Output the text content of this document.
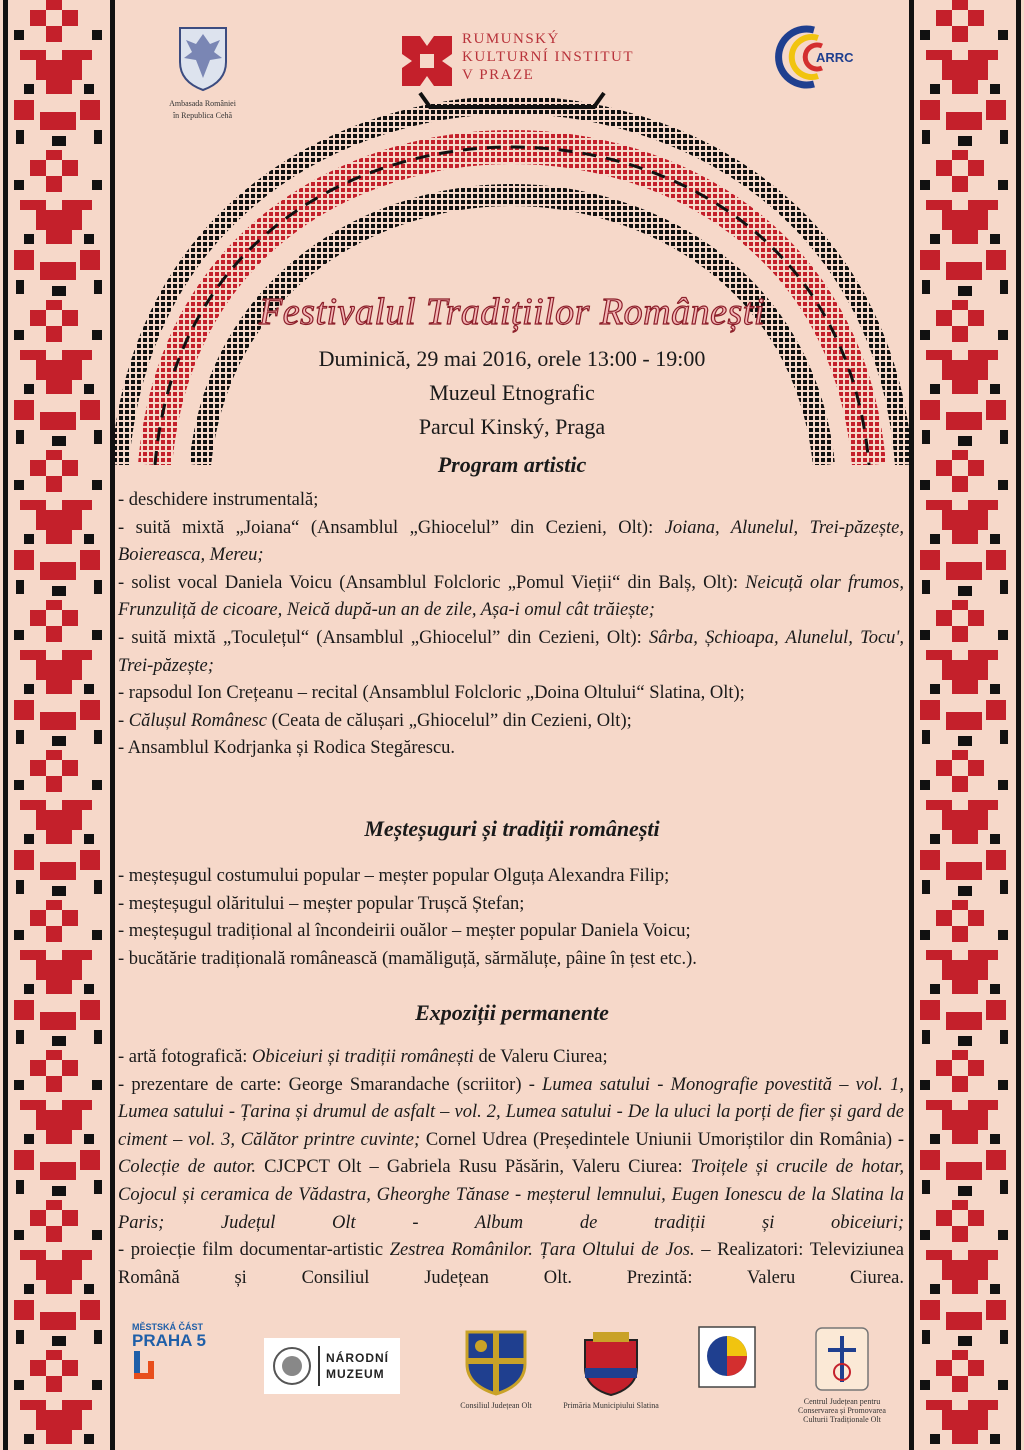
Ambasada României
în Republica Cehă
RUMUNSKÝ
KULTURNÍ INSTITUT
V PRAZE
ARRC
Festivalul Tradițiilor Românești
Duminică, 29 mai 2016, orele 13:00 - 19:00
Muzeul Etnografic
Parcul Kinský, Praga
Program artistic

- deschidere instrumentală;

- suită mixtă „Joiana“ (Ansamblul „Ghiocelul” din Cezieni, Olt): Joiana, Alunelul, Trei-păzește, Boiereasca, Mereu;

- solist vocal Daniela Voicu (Ansamblul Folcloric „Pomul Vieții“ din Balș, Olt): Neicuță olar frumos, Frunzuliță de cicoare, Neică după-un an de zile, Așa-i omul cât trăiește;

- suită mixtă „Toculețul“ (Ansamblul „Ghiocelul” din Cezieni, Olt): Sârba, Șchioapa, Alunelul, Tocu', Trei-păzește;

- rapsodul Ion Crețeanu – recital (Ansamblul Folcloric „Doina Oltului“ Slatina, Olt);

- Călușul Românesc (Ceata de călușari „Ghiocelul” din Cezieni, Olt);

- Ansamblul Kodrjanka și Rodica Stegărescu.

Meșteșuguri și tradiții românești

- meșteșugul costumului popular – meșter popular Olguța Alexandra Filip;

- meșteșugul olăritului – meșter popular Trușcă Ștefan;

- meșteșugul tradițional al încondeirii ouălor – meșter popular Daniela Voicu;

- bucătărie tradițională românească (mamăliguță, sărmăluțe, pâine în țest etc.).

Expoziții permanente

- artă fotografică: Obiceiuri și tradiții românești de Valeru Ciurea;

- prezentare de carte: George Smarandache (scriitor) - Lumea satului - Monografie povestită – vol. 1, Lumea satului - Țarina și drumul de asfalt – vol. 2, Lumea satului - De la uluci la porți de fier și gard de ciment – vol. 3, Călător printre cuvinte; Cornel Udrea (Președintele Uniunii Umoriștilor din România) - Colecție de autor. CJCPCT Olt – Gabriela Rusu Păsărin, Valeru Ciurea: Troițele și crucile de hotar, Cojocul și ceramica de Vădastra, Gheorghe Tănase - meșterul lemnului, Eugen Ionescu de la Slatina la Paris; Județul Olt - Album de tradiții și obiceiuri;

- proiecție film documentar-artistic Zestrea Românilor. Țara Oltului de Jos. – Realizatori: Televiziunea Română și Consiliul Județean Olt. Prezintă: Valeru Ciurea.

MĚSTSKÁ ČÁST
PRAHA 5
NÁRODNÍ
MUZEUM
Consiliul Județean Olt	Primăria Municipiului Slatina	Centrul Județean pentru
Conservarea și Promovarea
Culturii Tradiționale Olt
